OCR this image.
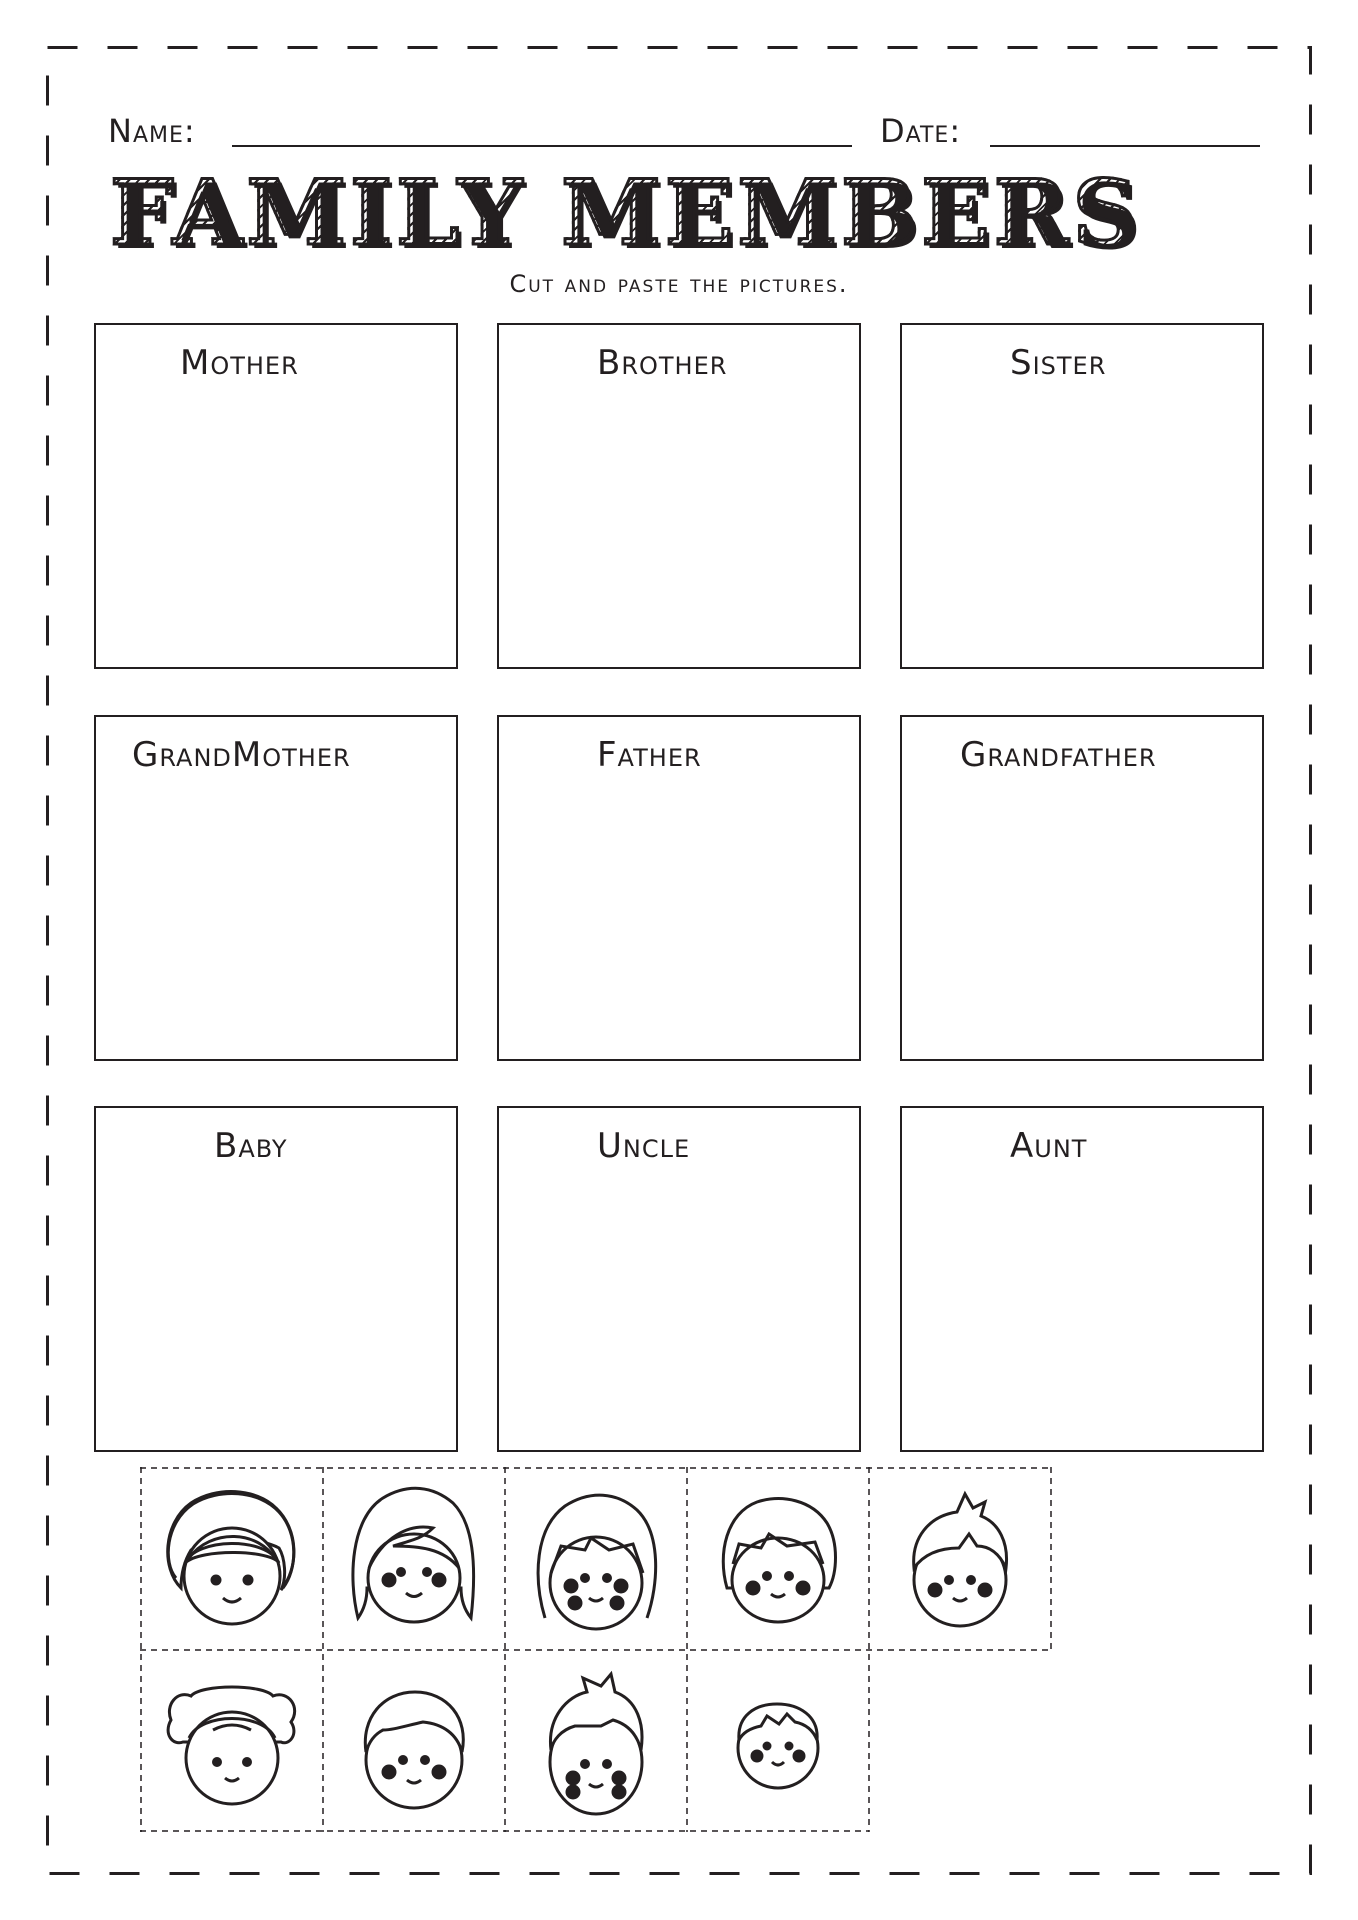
Name:	Date:
FAMILY MEMBERS
Cut and paste the pictures.
Mother	Brother	Sister
GrandMother	Father	Grandfather
Baby	Uncle	Aunt
